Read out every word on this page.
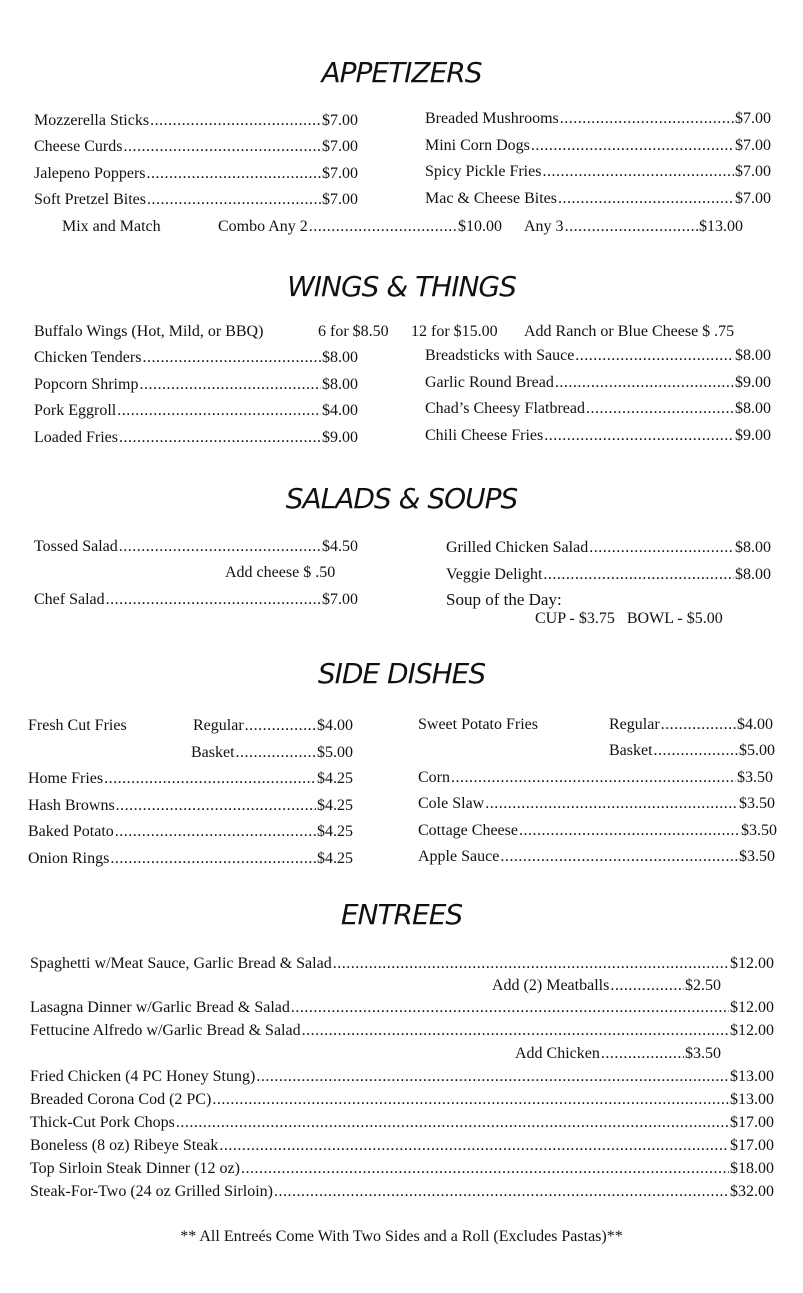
APPETIZERS
Mozzerella Sticks .....	$7.00
Cheese Curds .....	$7.00
Jalepeno Poppers .....	$7.00
Soft Pretzel Bites .....	$7.00
Breaded Mushrooms .....	$7.00
Mini Corn Dogs .....	$7.00
Spicy Pickle Fries .....	$7.00
Mac & Cheese Bites .....	$7.00
Mix and Match	Combo Any 2 .....	$10.00 Any 3 .....	$13.00
WINGS & THINGS
Buffalo Wings (Hot, Mild, or BBQ)	6 for $8.50 12 for $15.00 Add Ranch or Blue Cheese $ .75
Chicken Tenders .....	$8.00
Popcorn Shrimp .....	$8.00
Pork Eggroll .....	$4.00
Loaded Fries .....	$9.00
Breadsticks with Sauce .....	$8.00
Garlic Round Bread .....	$9.00
Chad’s Cheesy Flatbread .....	$8.00
Chili Cheese Fries .....	$9.00
SALADS & SOUPS
Tossed Salad .....	$4.50
Add cheese $ .50
Chef Salad .....	$7.00
Grilled Chicken Salad .....	$8.00
Veggie Delight .....	$8.00
Soup of the Day:
CUP - $3.75   BOWL - $5.00
SIDE DISHES
Fresh Cut Fries	Regular .....	$4.00
Basket .....	$5.00
Home Fries .....	$4.25
Hash Browns .....	$4.25
Baked Potato .....	$4.25
Onion Rings .....	$4.25
Sweet Potato Fries	Regular .....	$4.00
Basket .....	$5.00
Corn .....	$3.50
Cole Slaw .....	$3.50
Cottage Cheese .....	$3.50
Apple Sauce .....	$3.50
ENTREES
Spaghetti w/Meat Sauce, Garlic Bread & Salad .....	$12.00
Add (2) Meatballs .....	$2.50
Lasagna Dinner w/Garlic Bread & Salad .....	$12.00
Fettucine Alfredo w/Garlic Bread & Salad .....	$12.00
Add Chicken .....	$3.50
Fried Chicken (4 PC Honey Stung) .....	$13.00
Breaded Corona Cod (2 PC) .....	$13.00
Thick-Cut Pork Chops .....	$17.00
Boneless (8 oz) Ribeye Steak .....	$17.00
Top Sirloin Steak Dinner (12 oz) .....	$18.00
Steak-For-Two (24 oz Grilled Sirloin) .....	$32.00
** All Entreés Come With Two Sides and a Roll (Excludes Pastas)**
